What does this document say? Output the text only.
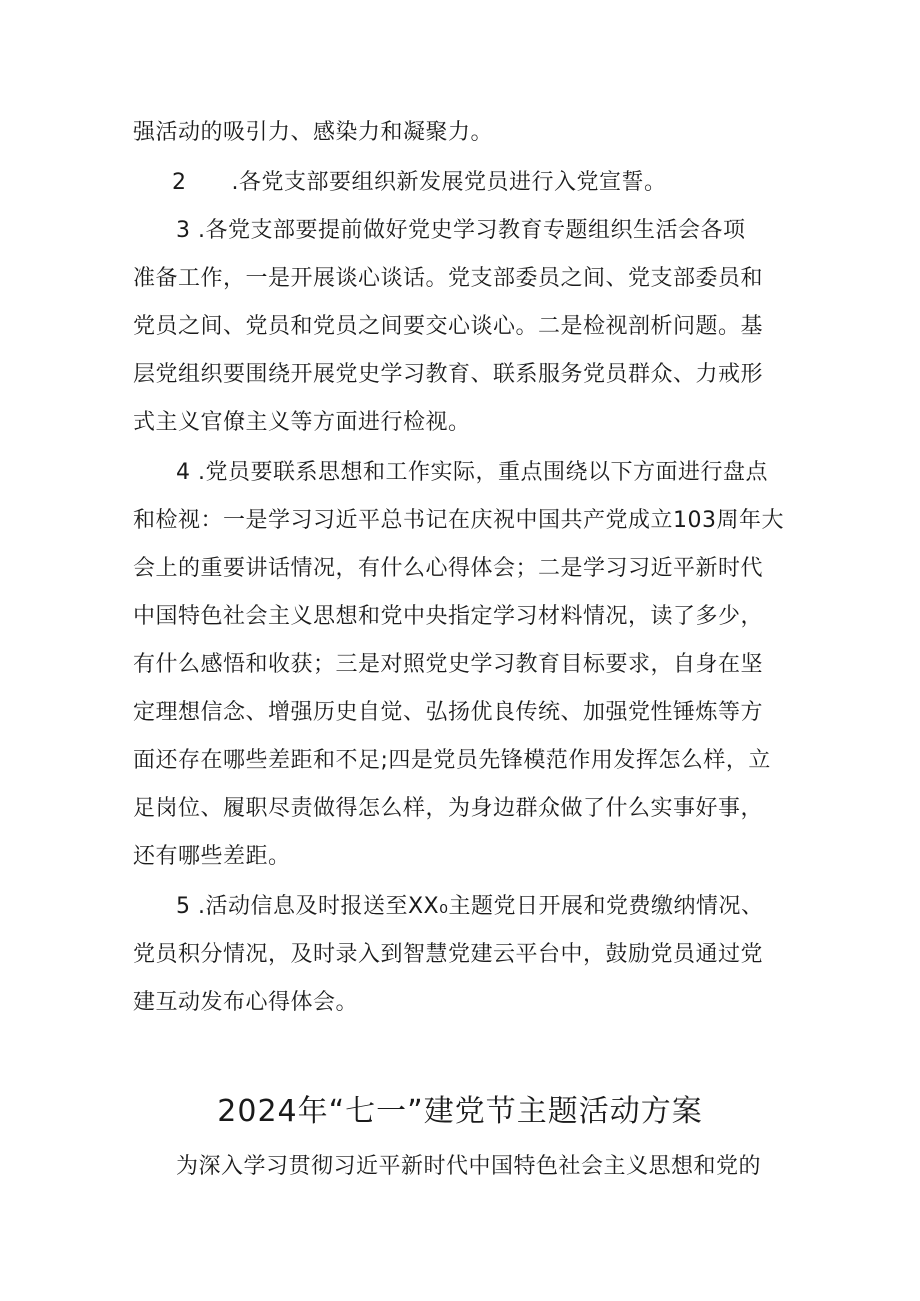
强活动的吸引力、感染力和凝聚力。
2　　.各党支部要组织新发展党员进行入党宣誓。
3 .各党支部要提前做好党史学习教育专题组织生活会各项
准备工作，一是开展谈心谈话。党支部委员之间、党支部委员和
党员之间、党员和党员之间要交心谈心。二是检视剖析问题。基
层党组织要围绕开展党史学习教育、联系服务党员群众、力戒形
式主义官僚主义等方面进行检视。
4 .党员要联系思想和工作实际，重点围绕以下方面进行盘点
和检视：一是学习习近平总书记在庆祝中国共产党成立103周年大
会上的重要讲话情况，有什么心得体会；二是学习习近平新时代
中国特色社会主义思想和党中央指定学习材料情况，读了多少，
有什么感悟和收获；三是对照党史学习教育目标要求，自身在坚
定理想信念、增强历史自觉、弘扬优良传统、加强党性锤炼等方
面还存在哪些差距和不足;四是党员先锋模范作用发挥怎么样，立
足岗位、履职尽责做得怎么样，为身边群众做了什么实事好事，
还有哪些差距。
5 .活动信息及时报送至XX₀主题党日开展和党费缴纳情况、
党员积分情况，及时录入到智慧党建云平台中，鼓励党员通过党
建互动发布心得体会。
2024年“七一”建党节主题活动方案
为深入学习贯彻习近平新时代中国特色社会主义思想和党的
